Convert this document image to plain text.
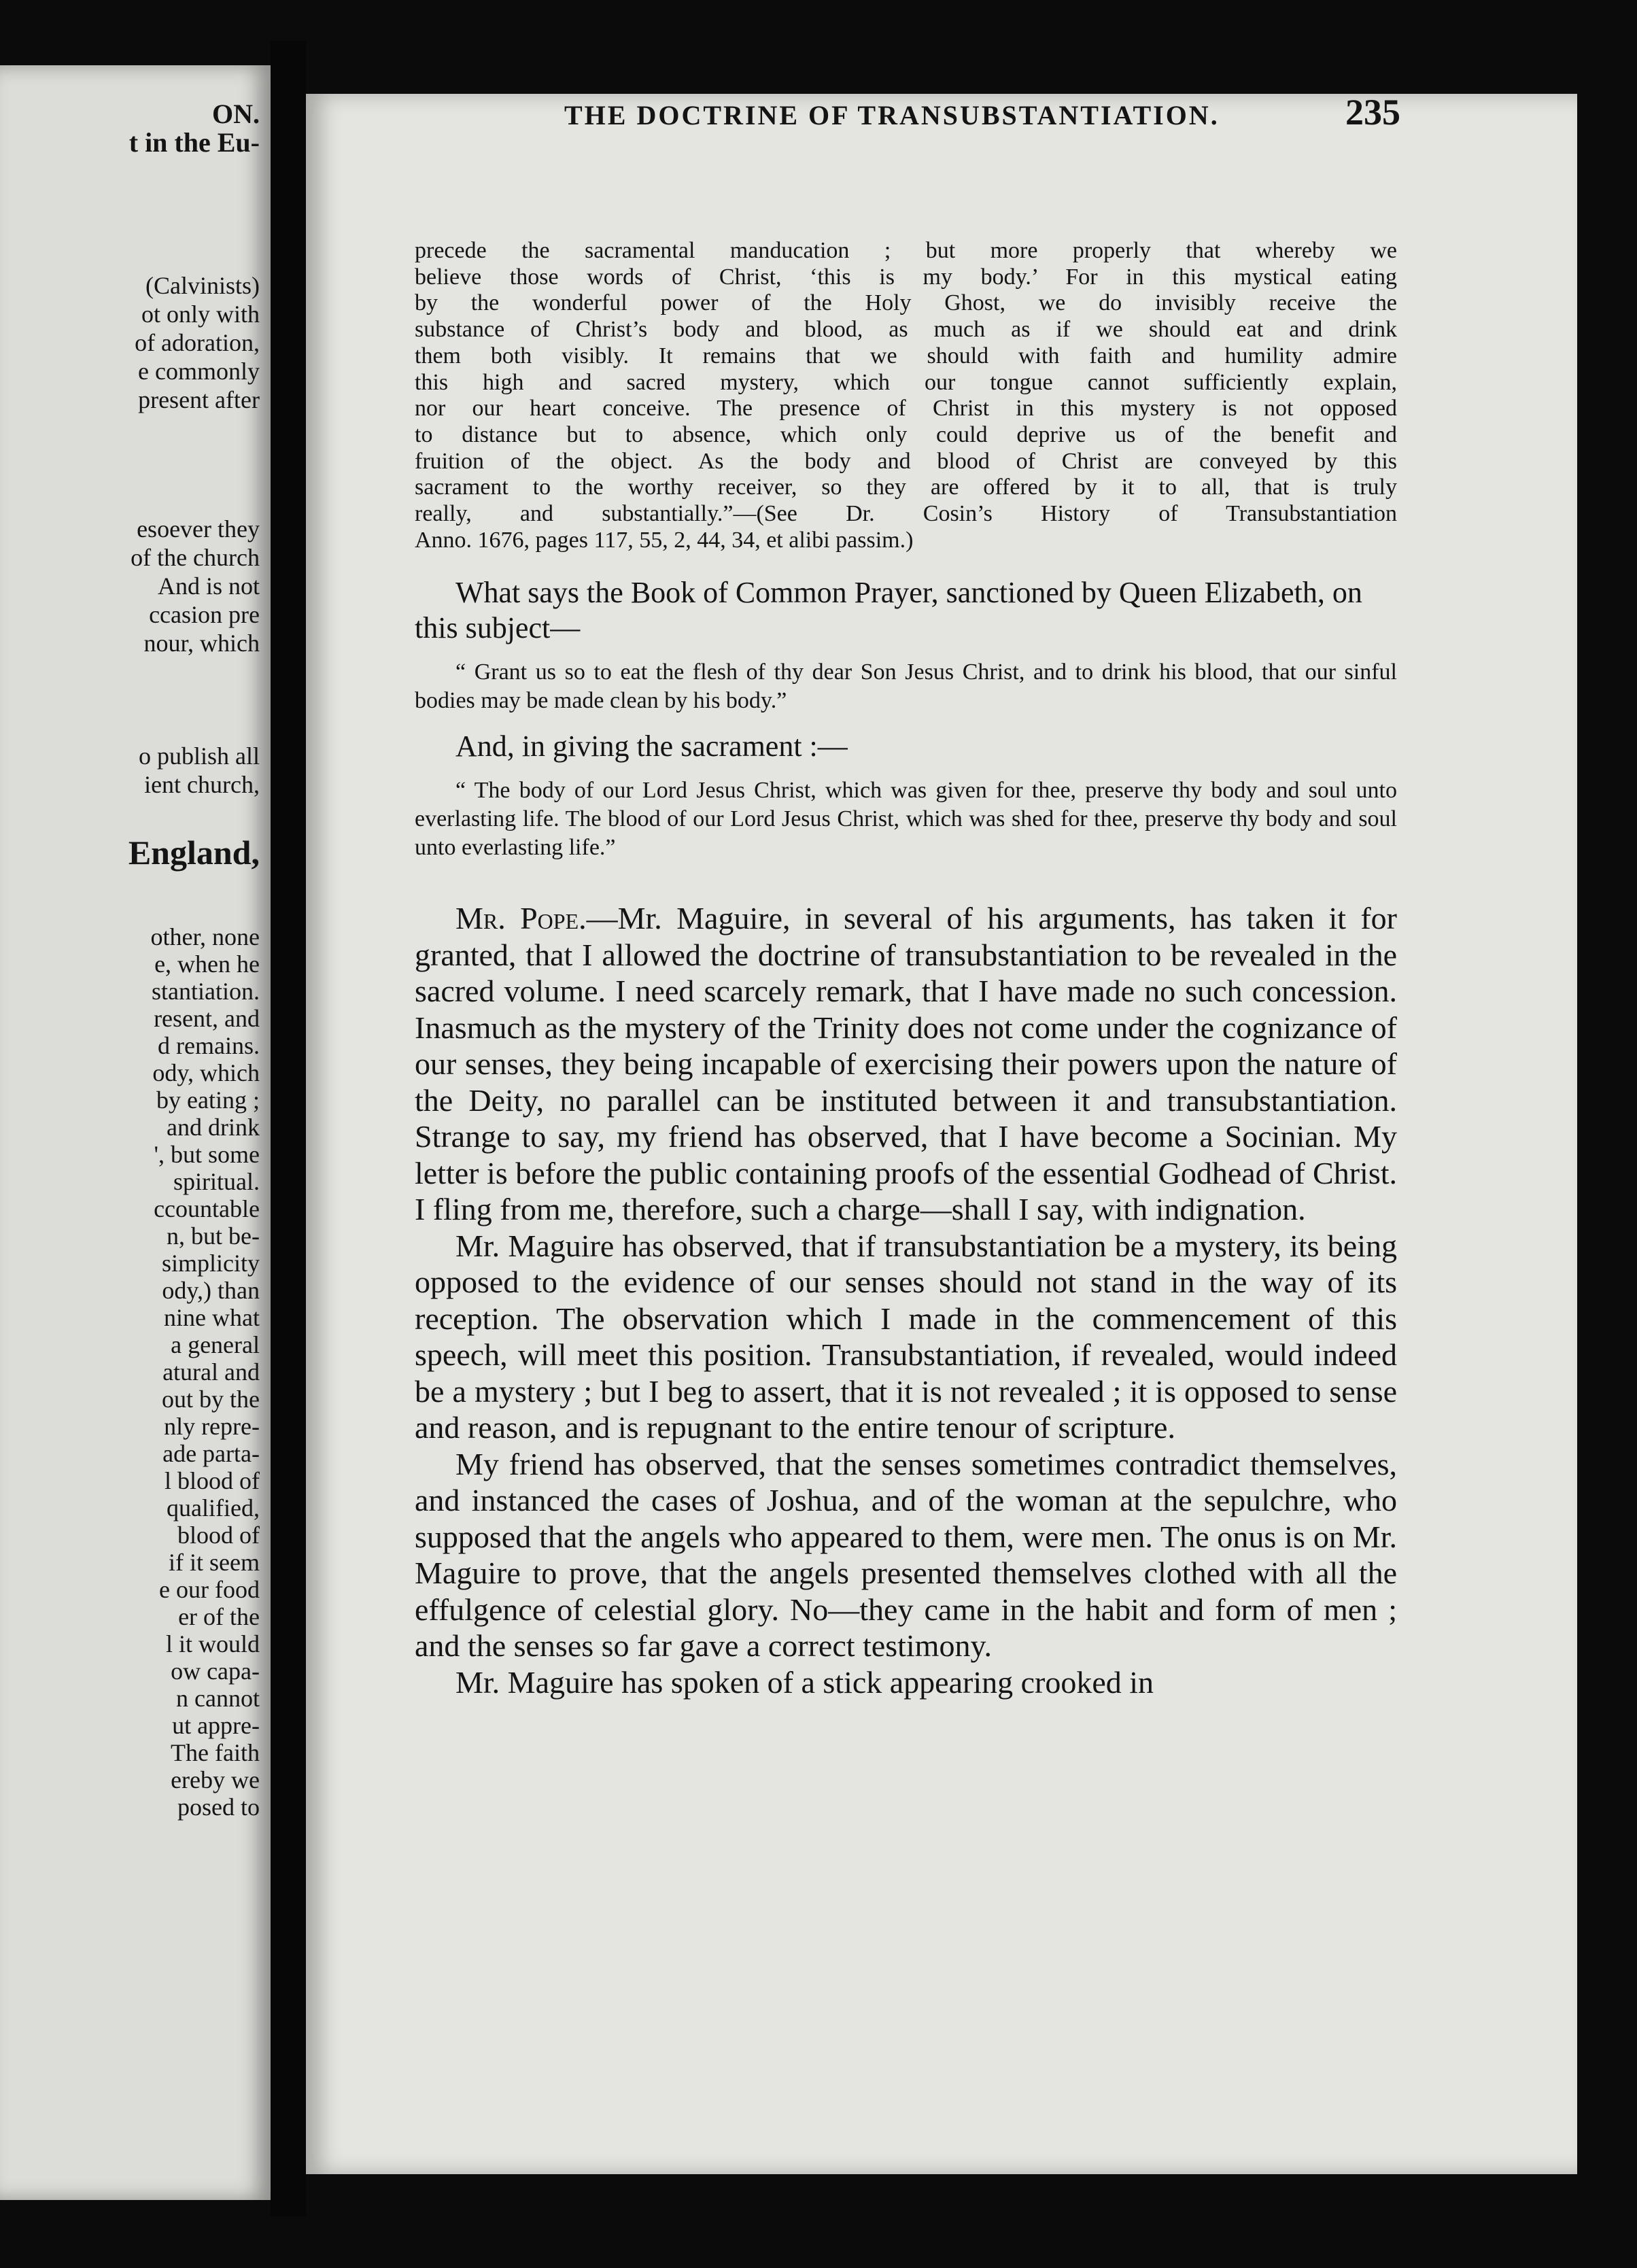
ON.
t in the Eu-
(Calvinists)
ot only with
of adoration,
e commonly
present after
esoever they
of the church
And is not
ccasion pre
nour, which
o publish all
ient church,
England,
other, none
e, when he
stantiation.
resent, and
d remains.
ody, which
by eating ;
and drink
', but some
spiritual.
ccountable
n, but be-
simplicity
ody,) than
nine what
a general
atural and
out by the
nly repre-
ade parta-
l blood of
qualified,
blood of
if it seem
e our food
er of the
l it would
ow capa-
n cannot
ut appre-
The faith
ereby we
posed to
THE DOCTRINE OF TRANSUBSTANTIATION.	235

precede the sacramental manducation ; but more properly that whereby we

believe those words of Christ, ‘this is my body.’ For in this mystical eating

by the wonderful power of the Holy Ghost, we do invisibly receive the

substance of Christ’s body and blood, as much as if we should eat and drink

them both visibly. It remains that we should with faith and humility admire

this high and sacred mystery, which our tongue cannot sufficiently explain,

nor our heart conceive. The presence of Christ in this mystery is not opposed

to distance but to absence, which only could deprive us of the benefit and

fruition of the object. As the body and blood of Christ are conveyed by this

sacrament to the worthy receiver, so they are offered by it to all, that is truly

really, and substantially.”—(See Dr. Cosin’s History of Transubstantiation

Anno. 1676, pages 117, 55, 2, 44, 34, et alibi passim.)

What says the Book of Common Prayer, sanctioned by Queen Elizabeth, on this subject—
“ Grant us so to eat the flesh of thy dear Son Jesus Christ, and to drink his blood, that our sinful bodies may be made clean by his body.”
And, in giving the sacrament :—
“ The body of our Lord Jesus Christ, which was given for thee, preserve thy body and soul unto everlasting life. The blood of our Lord Jesus Christ, which was shed for thee, preserve thy body and soul unto everlasting life.”

Mr. Pope.—Mr. Maguire, in several of his arguments, has taken it for granted, that I allowed the doctrine of transubstantiation to be revealed in the sacred volume. I need scarcely remark, that I have made no such concession. Inasmuch as the mystery of the Trinity does not come under the cognizance of our senses, they being incapable of exercising their powers upon the nature of the Deity, no parallel can be instituted between it and transubstantiation. Strange to say, my friend has observed, that I have become a Socinian. My letter is before the public containing proofs of the essential Godhead of Christ. I fling from me, therefore, such a charge—shall I say, with indignation.

Mr. Maguire has observed, that if transubstantiation be a mystery, its being opposed to the evidence of our senses should not stand in the way of its reception. The observation which I made in the commencement of this speech, will meet this position. Transubstantiation, if revealed, would indeed be a mystery ; but I beg to assert, that it is not revealed ; it is opposed to sense and reason, and is repugnant to the entire tenour of scripture.

My friend has observed, that the senses sometimes contradict themselves, and instanced the cases of Joshua, and of the woman at the sepulchre, who supposed that the angels who appeared to them, were men. The onus is on Mr. Maguire to prove, that the angels presented themselves clothed with all the effulgence of celestial glory. No—they came in the habit and form of men ; and the senses so far gave a correct testimony.

Mr. Maguire has spoken of a stick appearing crooked in
